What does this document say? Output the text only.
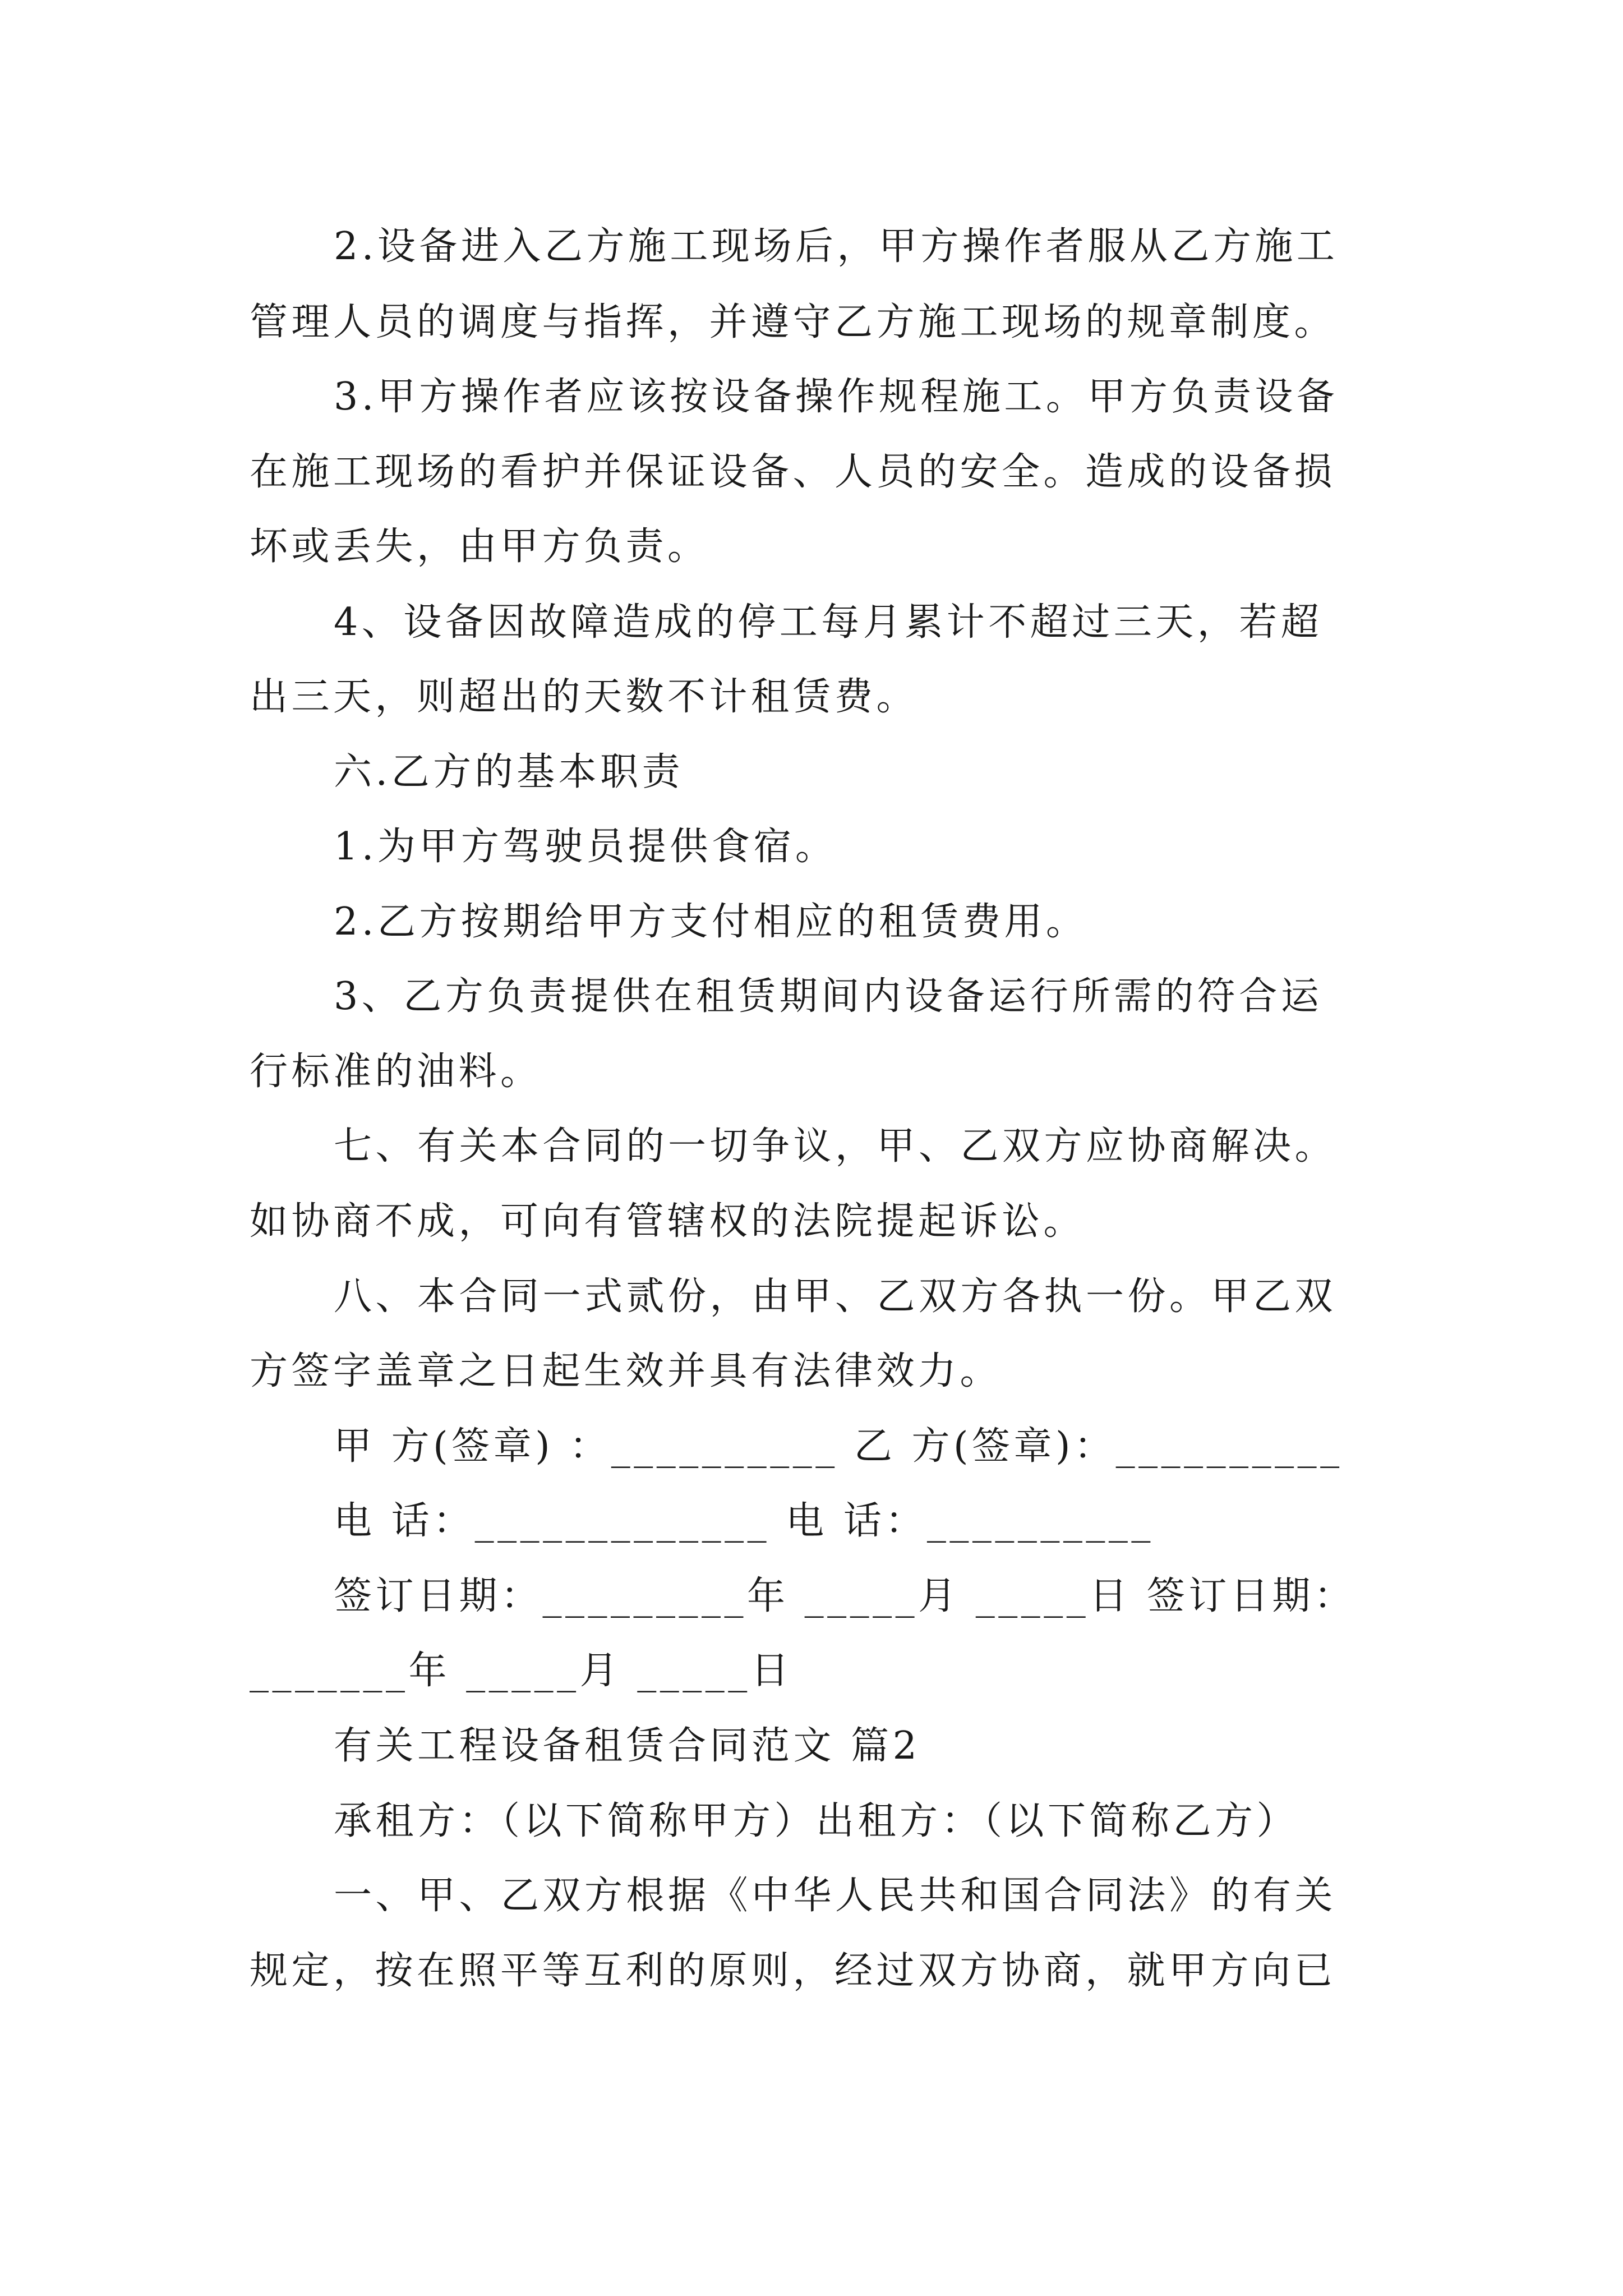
2.设备进入乙方施工现场后，甲方操作者服从乙方施工
管理人员的调度与指挥，并遵守乙方施工现场的规章制度。
3.甲方操作者应该按设备操作规程施工。甲方负责设备
在施工现场的看护并保证设备、人员的安全。造成的设备损
坏或丢失，由甲方负责。
4、设备因故障造成的停工每月累计不超过三天，若超
出三天，则超出的天数不计租赁费。
六.乙方的基本职责
1.为甲方驾驶员提供食宿。
2.乙方按期给甲方支付相应的租赁费用。
3、乙方负责提供在租赁期间内设备运行所需的符合运
行标准的油料。
七、有关本合同的一切争议，甲、乙双方应协商解决。
如协商不成，可向有管辖权的法院提起诉讼。
八、本合同一式贰份，由甲、乙双方各执一份。甲乙双
方签字盖章之日起生效并具有法律效力。
甲 方(签章) ：__________ 乙 方(签章)：__________
电 话：_____________ 电 话：__________
签订日期：_________年 _____月 _____日 签订日期：
_______年 _____月 _____日
有关工程设备租赁合同范文 篇2
承租方：（以下简称甲方）出租方：（以下简称乙方）
一、甲、乙双方根据《中华人民共和国合同法》的有关
规定，按在照平等互利的原则，经过双方协商，就甲方向已
